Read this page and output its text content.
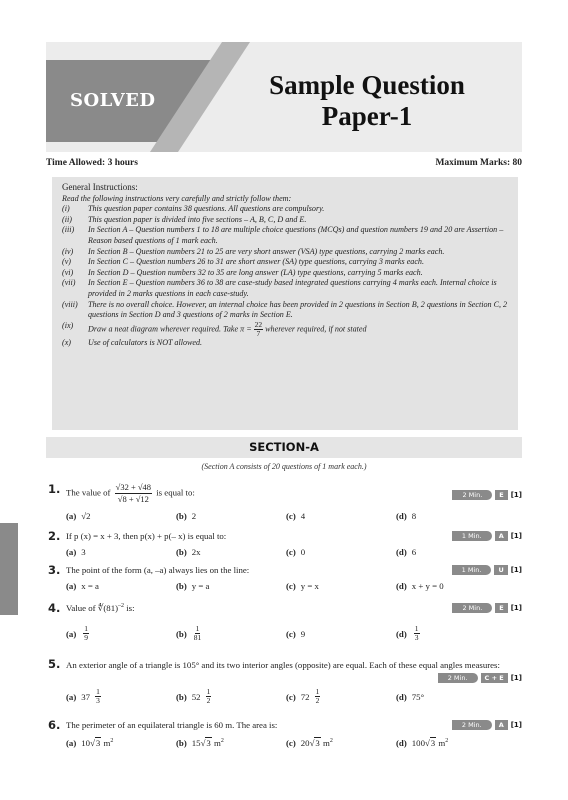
SOLVED
Sample Question
Paper-1
Time Allowed: 3 hours	Maximum Marks: 80
General Instructions:
Read the following instructions very carefully and strictly follow them:
(i)	This question paper contains 38 questions. All questions are compulsory.
(ii)	This question paper is divided into five sections – A, B, C, D and E.
(iii)	In Section A – Question numbers 1 to 18 are multiple choice questions (MCQs) and question numbers 19 and 20 are Assertion – Reason based questions of 1 mark each.
(iv)	In Section B – Question numbers 21 to 25 are very short answer (VSA) type questions, carrying 2 marks each.
(v)	In Section C – Question numbers 26 to 31 are short answer (SA) type questions, carrying 3 marks each.
(vi)	In Section D – Question numbers 32 to 35 are long answer (LA) type questions, carrying 5 marks each.
(vii)	In Section E – Question numbers 36 to 38 are case-study based integrated questions carrying 4 marks each. Internal choice is provided in 2 marks questions in each case-study.
(viii)	There is no overall choice. However, an internal choice has been provided in 2 questions in Section B, 2 questions in Section C, 2 questions in Section D and 3 questions of 2 marks in Section E.
(ix)	Draw a neat diagram wherever required. Take $\pi = \frac{22}{7}$ wherever required, if not stated
(x)	Use of calculators is NOT allowed.
SECTION-A
(Section A consists of 20 questions of 1 mark each.)
1. The value of $\frac{√32 + √48}{√8 + √12}$ is equal to:	2 Min.	E	[1]
(a) √2	(b) 2	(c) 4	(d) 8
2. If p (x) = x + 3, then p(x) + p(– x) is equal to:	1 Min.	A	[1]
(a) 3	(b) 2x	(c) 0	(d) 6
3. The point of the form (a, –a) always lies on the line:	1 Min.	U	[1]
(a) x = a	(b) y = a	(c) y = x	(d) x + y = 0
4. Value of $∜(81)^{-2}$ is:	2 Min.	E	[1]
$(a) \frac{1}{9}$	$(b) \frac{1}{81}$	(c) 9	$(d) \frac{1}{3}$
5. An exterior angle of a triangle is 105° and its two interior angles (opposite) are equal. Each of these equal angles measures:
2 Min.	C + E	[1]
(a) $37 \frac{1}{3}$	(b) $52 \frac{1}{2}$	(c) $72 \frac{1}{2}$	(d) 75°
6. The perimeter of an equilateral triangle is 60 m. The area is:	2 Min.	A	[1]
(a) 10√3 $m^2$	(b) 15√3 $m^2$	(c) 20√3 $m^2$	(d) 100√3 $m^2$
